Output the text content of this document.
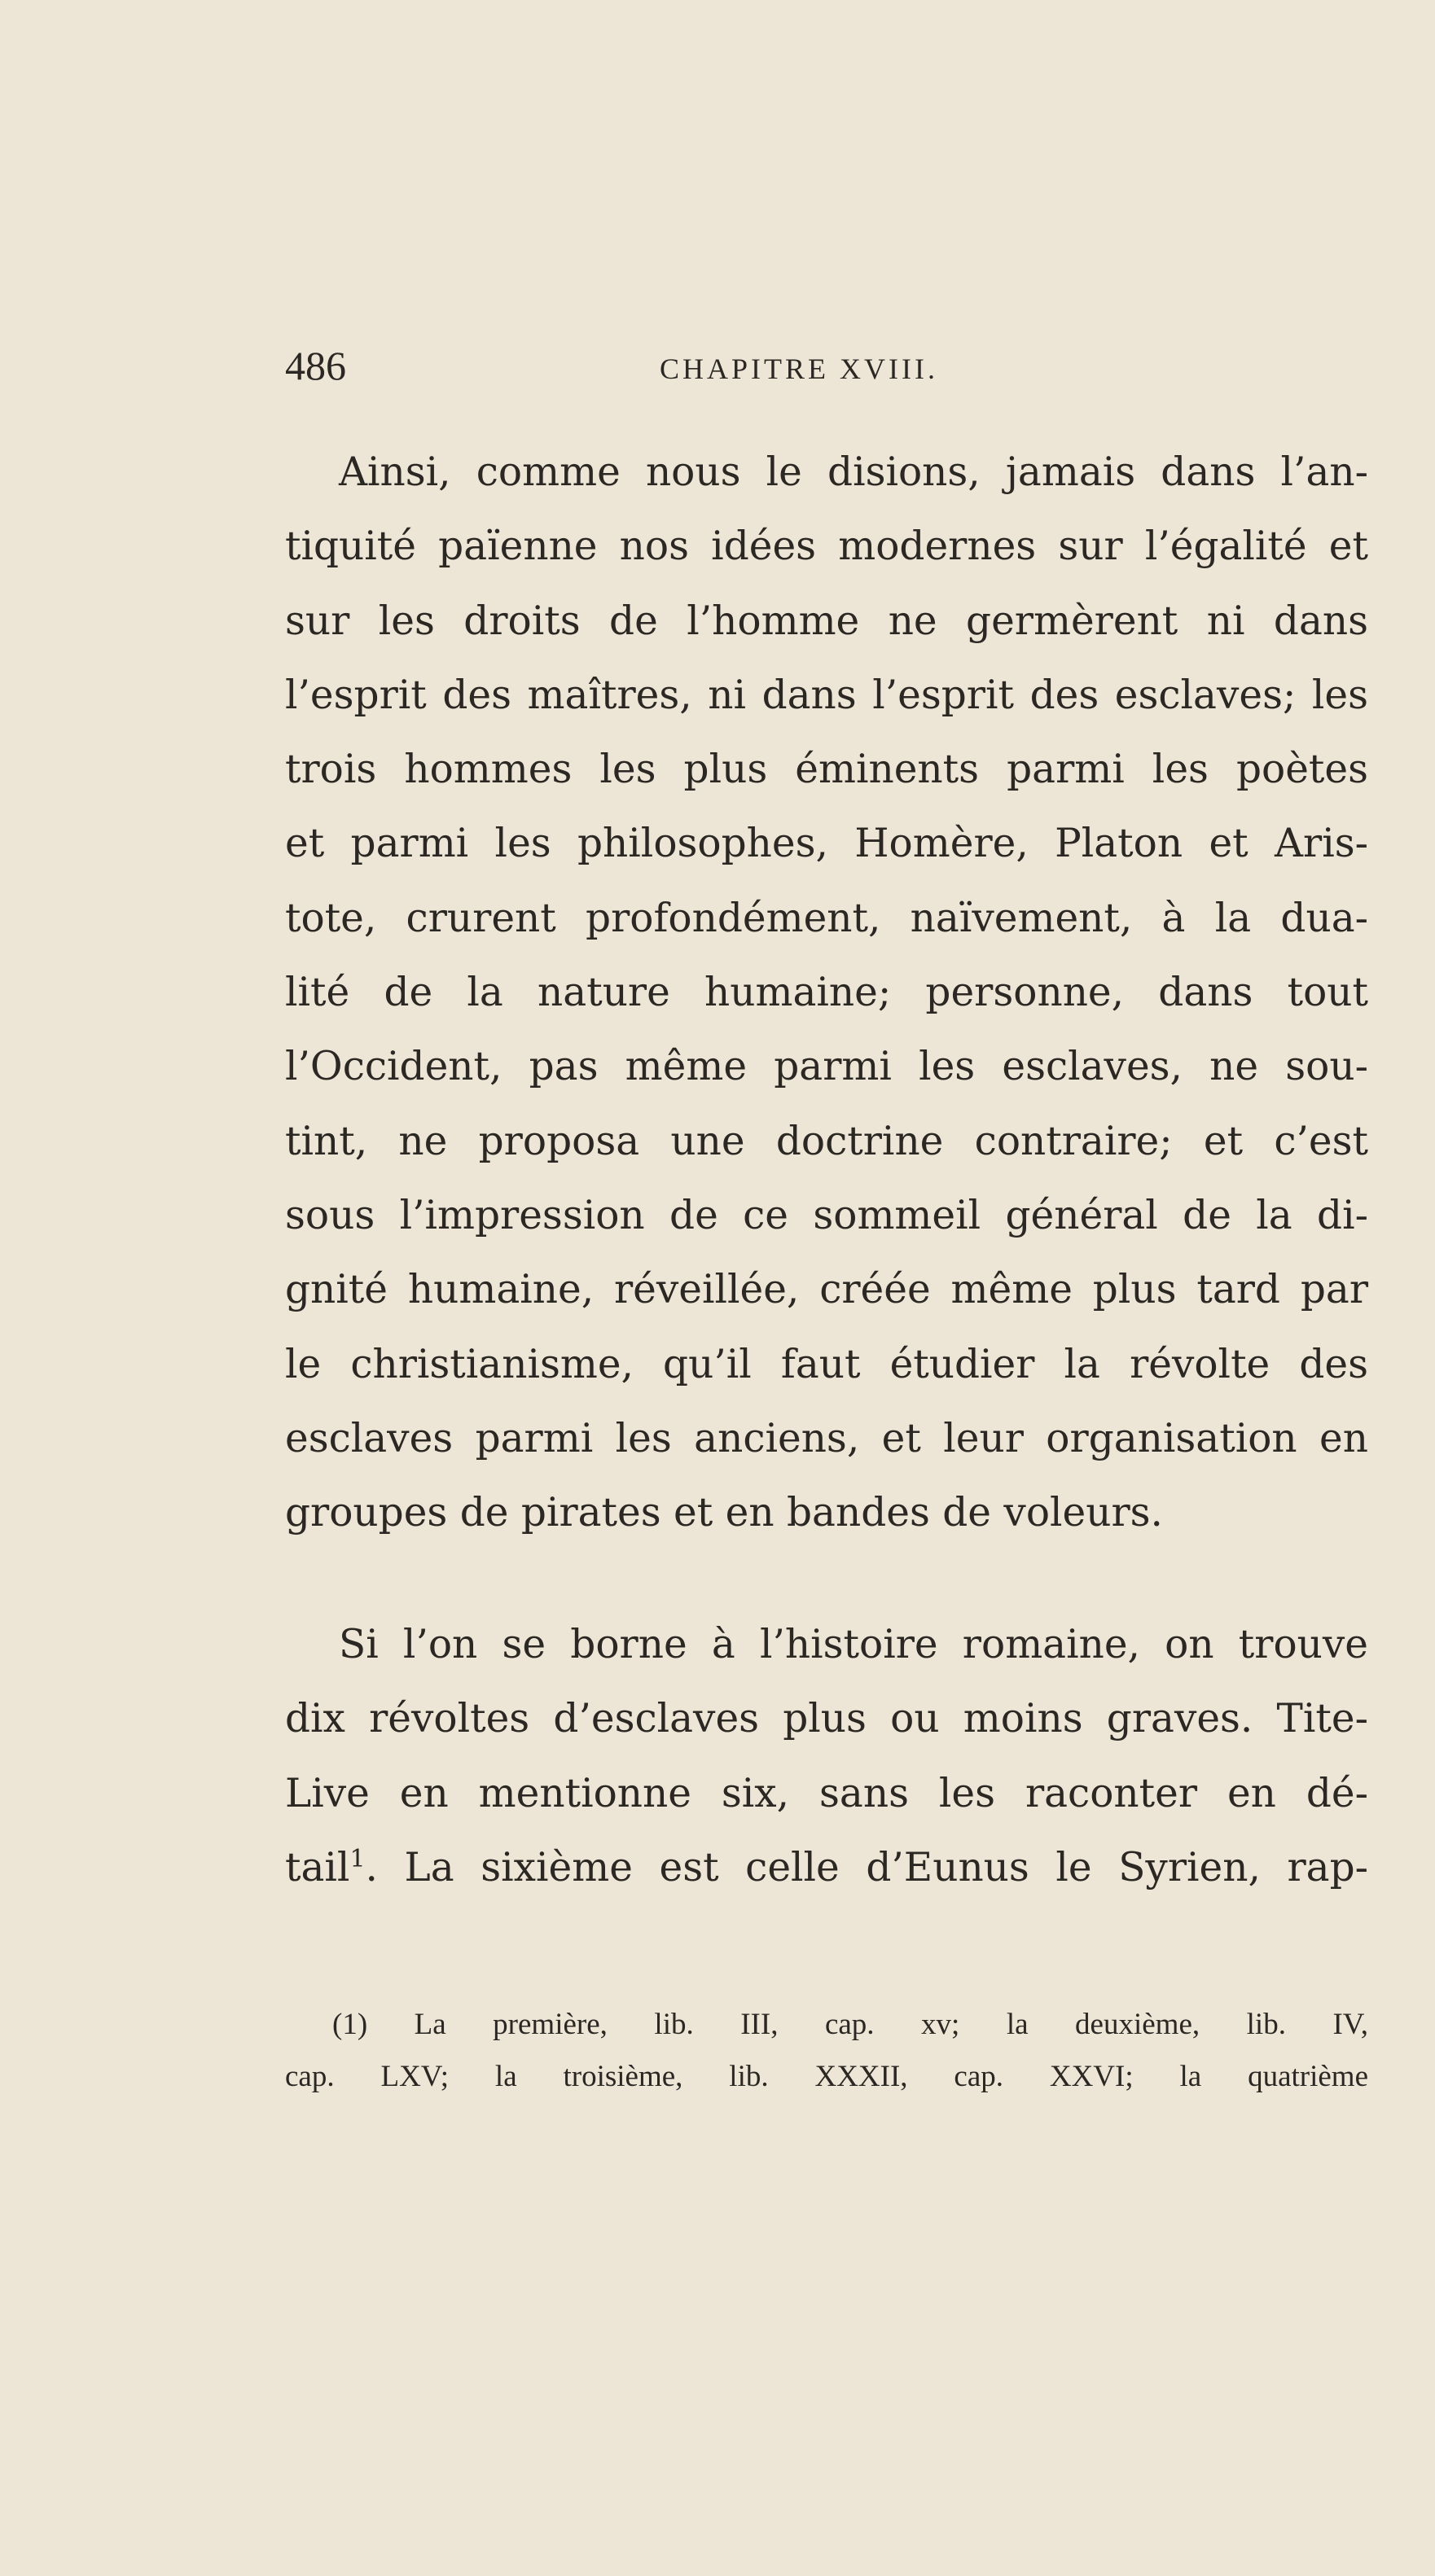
486	CHAPITRE XVIII.

Ainsi, comme nous le disions, jamais dans l’an-
tiquité païenne nos idées modernes sur l’égalité et
sur les droits de l’homme ne germèrent ni dans
l’esprit des maîtres, ni dans l’esprit des esclaves; les
trois hommes les plus éminents parmi les poètes
et parmi les philosophes, Homère, Platon et Aris-
tote, crurent profondément, naïvement, à la dua-
lité de la nature humaine; personne, dans tout
l’Occident, pas même parmi les esclaves, ne sou-
tint, ne proposa une doctrine contraire; et c’est
sous l’impression de ce sommeil général de la di-
gnité humaine, réveillée, créée même plus tard par
le christianisme, qu’il faut étudier la révolte des
esclaves parmi les anciens, et leur organisation en
groupes de pirates et en bandes de voleurs.

Si l’on se borne à l’histoire romaine, on trouve
dix révoltes d’esclaves plus ou moins graves. Tite-
Live en mentionne six, sans les raconter en dé-
tail$^1$. La sixième est celle d’Eunus le Syrien, rap-

(1) La première, lib. III, cap. xv; la deuxième, lib. IV,
cap. LXV; la troisième, lib. XXXII, cap. XXVI; la quatrième
